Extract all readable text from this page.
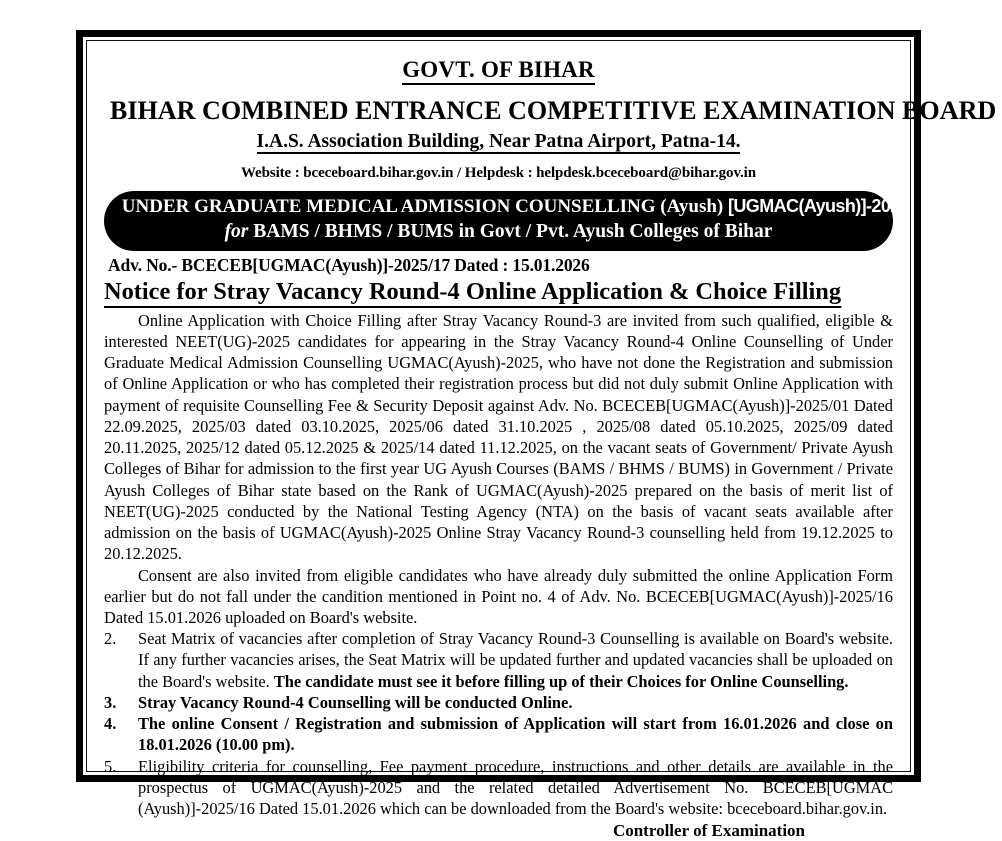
GOVT. OF BIHAR
BIHAR COMBINED ENTRANCE COMPETITIVE EXAMINATION BOARD
I.A.S. Association Building, Near Patna Airport, Patna-14.
Website : bceceboard.bihar.gov.in / Helpdesk : helpdesk.bceceboard@bihar.gov.in
UNDER GRADUATE MEDICAL ADMISSION COUNSELLING (Ayush) [UGMAC(Ayush)]-2025
for BAMS / BHMS / BUMS in Govt / Pvt. Ayush Colleges of Bihar
Adv. No.- BCECEB[UGMAC(Ayush)]-2025/17 Dated : 15.01.2026
Notice for Stray Vacancy Round-4 Online Application & Choice Filling

Online Application with Choice Filling after Stray Vacancy Round-3 are invited from such qualified, eligible & interested NEET(UG)-2025 candidates for appearing in the Stray Vacancy Round-4 Online Counselling of Under Graduate Medical Admission Counselling UGMAC(Ayush)-2025, who have not done the Registration and submission of Online Application or who has completed their registration process but did not duly submit Online Application with payment of requisite Counselling Fee & Security Deposit against Adv. No. BCECEB[UGMAC(Ayush)]-2025/01 Dated 22.09.2025, 2025/03 dated 03.10.2025, 2025/06 dated 31.10.2025 , 2025/08 dated 05.10.2025, 2025/09 dated 20.11.2025, 2025/12 dated 05.12.2025 & 2025/14 dated 11.12.2025, on the vacant seats of Government/ Private Ayush Colleges of Bihar for admission to the first year UG Ayush Courses (BAMS / BHMS / BUMS) in Government / Private Ayush Colleges of Bihar state based on the Rank of UGMAC(Ayush)-2025 prepared on the basis of merit list of NEET(UG)-2025 conducted by the National Testing Agency (NTA) on the basis of vacant seats available after admission on the basis of UGMAC(Ayush)-2025 Online Stray Vacancy Round-3 counselling held from 19.12.2025 to 20.12.2025.

Consent are also invited from eligible candidates who have already duly submitted the online Application Form earlier but do not fall under the candition mentioned in Point no. 4 of Adv. No. BCECEB[UGMAC(Ayush)]-2025/16 Dated 15.01.2026 uploaded on Board's website.

2. Seat Matrix of vacancies after completion of Stray Vacancy Round-3 Counselling is available on Board's website. If any further vacancies arises, the Seat Matrix will be updated further and updated vacancies shall be uploaded on the Board's website. The candidate must see it before filling up of their Choices for Online Counselling.
3. Stray Vacancy Round-4 Counselling will be conducted Online.
4. The online Consent / Registration and submission of Application will start from 16.01.2026 and close on 18.01.2026 (10.00 pm).
5. Eligibility criteria for counselling, Fee payment procedure, instructions and other details are available in the prospectus of UGMAC(Ayush)-2025 and the related detailed Advertisement No. BCECEB[UGMAC (Ayush)]-2025/16 Dated 15.01.2026 which can be downloaded from the Board's website: bceceboard.bihar.gov.in.
Controller of Examination
